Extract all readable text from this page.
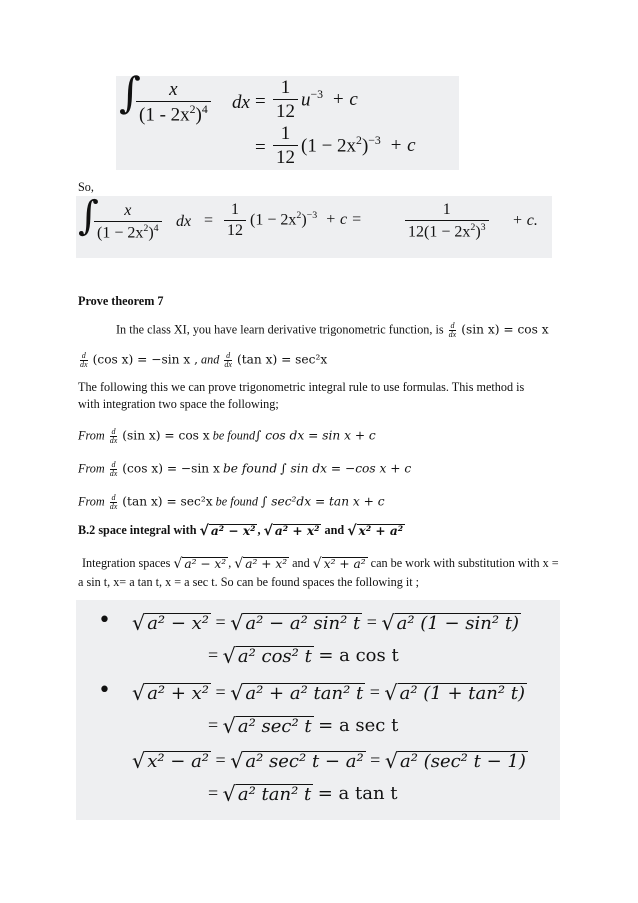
∫
$\frac{x}{(1 - 2x^2)^4}$ dx = $\frac{1}{12} u^{-3} + c$
= $\frac{1}{12} (1 - 2x^2)^{-3} + c$
So,
∫
$\frac{x}{(1 - 2x^2)^4}$ dx = $\frac{1}{12} (1 - 2x^2)^{-3} + c$ =	$\frac{1}{12(1 - 2x^2)^3} + c$.
Prove theorem 7
In the class XI, you have learn derivative trigonometric function, is $\frac{d}{dx} (\sin$ x) = cos x
$\frac{d}{dx} (\cos$ x) = −sin x , and $\frac{d}{dx} (\tan$ x) = sec²x
The following this we can prove trigonometric integral rule to use formulas. This method is
with integration two space the following;
From $\frac{d}{dx} (\sin$ x) = cos x be found∫ cos dx = sin x + c
From $\frac{d}{dx} (\cos$ x) = −sin x be found ∫ sin dx = −cos x + c
From $\frac{d}{dx} (\tan$ x) = sec²x be found ∫ sec²dx = tan x + c
B.2 space integral with √ a² − x² , √ a² + x² and √ x² + a²
Integration spaces √ a² − x² , √ a² + x² and √ x² + a² can be work with substitution with x =
a sin t, x= a tan t, x = a sec t. So can be found spaces the following it ;
• √ a² − x² = √ a² − a² sin² t = √ a² (1 − sin² t)
= √ a² cos² t = a cos t
• √ a² + x² = √ a² + a² tan² t = √ a² (1 + tan² t)
= √ a² sec² t = a sec t
√ x² − a² = √ a² sec² t − a² = √ a² (sec² t − 1)
= √ a² tan² t = a tan t
